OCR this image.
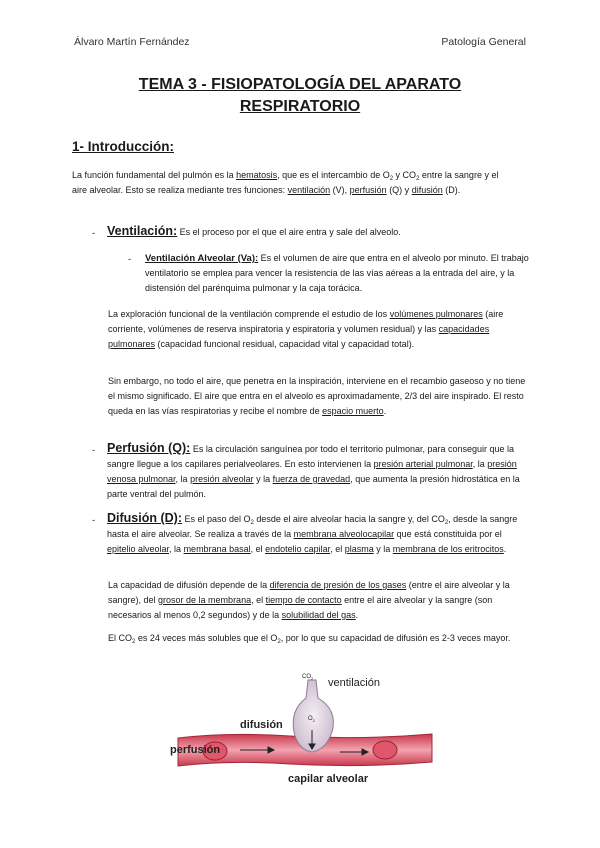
Álvaro Martín Fernández	Patología General
TEMA 3 - FISIOPATOLOGÍA DEL APARATO
RESPIRATORIO
1- Introducción:

La función fundamental del pulmón es la hematosis, que es el intercambio de $O_2$ y $CO_2$ entre la sangre y el aire alveolar. Esto se realiza mediante tres funciones: ventilación (V), perfusión (Q) y difusión (D).

- Ventilación: Es el proceso por el que el aire entra y sale del alveolo.

- Ventilación Alveolar (Va): Es el volumen de aire que entra en el alveolo por minuto. El trabajo ventilatorio se emplea para vencer la resistencia de las vías aéreas a la entrada del aire, y la distensión del parénquima pulmonar y la caja torácica.

La exploración funcional de la ventilación comprende el estudio de los volúmenes pulmonares (aire corriente, volúmenes de reserva inspiratoria y espiratoria y volumen residual) y las capacidades pulmonares (capacidad funcional residual, capacidad vital y capacidad total).

Sin embargo, no todo el aire, que penetra en la inspiración, interviene en el recambio gaseoso y no tiene el mismo significado. El aire que entra en el alveolo es aproximadamente, 2/3 del aire inspirado. El resto queda en las vías respiratorias y recibe el nombre de espacio muerto.

- Perfusión (Q): Es la circulación sanguínea por todo el territorio pulmonar, para conseguir que la sangre llegue a los capilares perialveolares. En esto intervienen la presión arterial pulmonar, la presión venosa pulmonar, la presión alveolar y la fuerza de gravedad, que aumenta la presión hidrostática en la parte ventral del pulmón.

- Difusión (D): Es el paso del $O_2$ desde el aire alveolar hacia la sangre y, del $CO_2$, desde la sangre hasta el aire alveolar. Se realiza a través de la membrana alveolocapilar que está constituida por el epitelio alveolar, la membrana basal, el endotelio capilar, el plasma y la membrana de los eritrocitos.

La capacidad de difusión depende de la diferencia de presión de los gases (entre el aire alveolar y la sangre), del grosor de la membrana, el tiempo de contacto entre el aire alveolar y la sangre (son necesarios al menos 0,2 segundos) y de la solubilidad del gas.

El $CO_2$ es 24 veces más solubles que el $O_2$, por lo que su capacidad de difusión es 2-3 veces mayor.

ventilación
difusión
perfusión
capilar alveolar
$CO_2$
$O_2$
